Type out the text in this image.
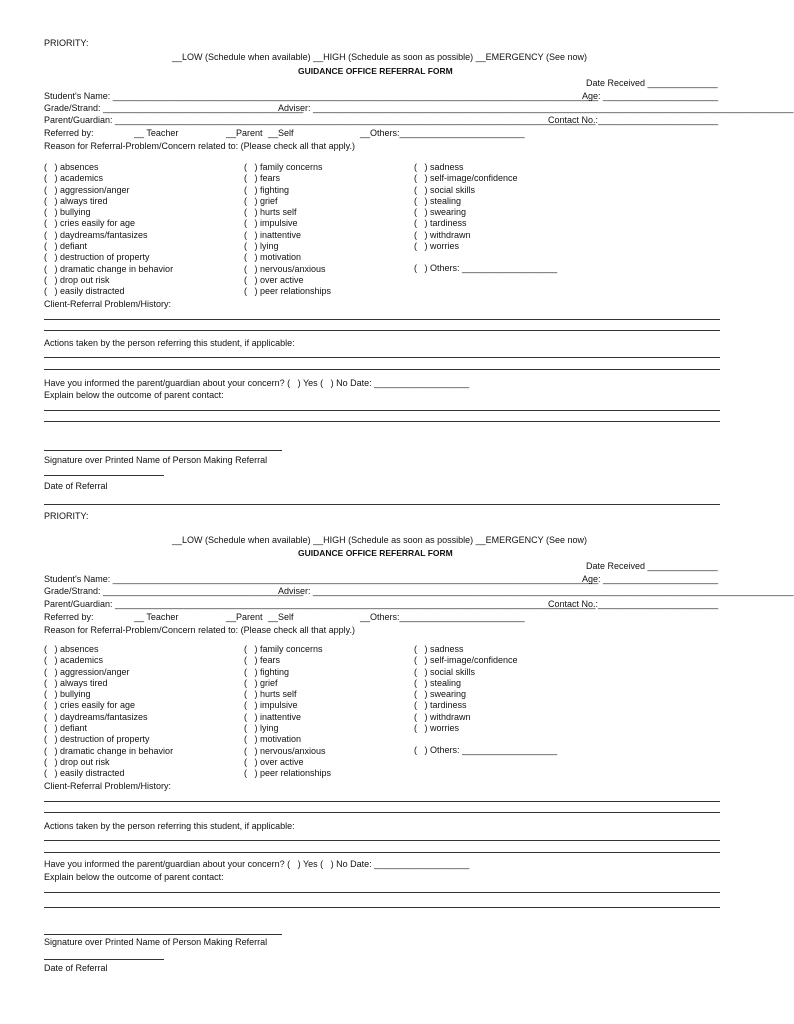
PRIORITY:
__LOW (Schedule when available) __HIGH (Schedule as soon as possible) __EMERGENCY (See now)
GUIDANCE OFFICE REFERRAL FORM
Date Received ______________
Student's Name: _________________________________________________________________________________________________
Age: _______________________
Grade/Strand: ________________________________________
Adviser: ________________________________________________________________________________________________
Parent/Guardian: ________________________________________________________________________________________________
Contact No.:________________________
Referred by:	__ Teacher	__Parent __Self	__Others:_________________________
Reason for Referral-Problem/Concern related to: (Please check all that apply.)
(   ) absences
(   ) academics
(   ) aggression/anger
(   ) always tired
(   ) bullying
(   ) cries easily for age
(   ) daydreams/fantasizes
(   ) defiant
(   ) destruction of property
(   ) dramatic change in behavior
(   ) drop out risk
(   ) easily distracted
(   ) family concerns
(   ) fears
(   ) fighting
(   ) grief
(   ) hurts self
(   ) impulsive
(   ) inattentive
(   ) lying
(   ) motivation
(   ) nervous/anxious
(   ) over active
(   ) peer relationships
(   ) sadness
(   ) self-image/confidence
(   ) social skills
(   ) stealing
(   ) swearing
(   ) tardiness
(   ) withdrawn
(   ) worries
(   ) Others: ___________________
Client-Referral Problem/History:
Actions taken by the person referring this student, if applicable:
Have you informed the parent/guardian about your concern? (   ) Yes (   ) No Date: ___________________
Explain below the outcome of parent contact:
Signature over Printed Name of Person Making Referral
Date of Referral
PRIORITY:
__LOW (Schedule when available) __HIGH (Schedule as soon as possible) __EMERGENCY (See now)
GUIDANCE OFFICE REFERRAL FORM
Date Received ______________
Student's Name: _________________________________________________________________________________________________
Age: _______________________
Grade/Strand: ________________________________________
Adviser: ________________________________________________________________________________________________
Parent/Guardian: ________________________________________________________________________________________________
Contact No.:________________________
Referred by:	__ Teacher	__Parent __Self	__Others:_________________________
Reason for Referral-Problem/Concern related to: (Please check all that apply.)
(   ) absences
(   ) academics
(   ) aggression/anger
(   ) always tired
(   ) bullying
(   ) cries easily for age
(   ) daydreams/fantasizes
(   ) defiant
(   ) destruction of property
(   ) dramatic change in behavior
(   ) drop out risk
(   ) easily distracted
(   ) family concerns
(   ) fears
(   ) fighting
(   ) grief
(   ) hurts self
(   ) impulsive
(   ) inattentive
(   ) lying
(   ) motivation
(   ) nervous/anxious
(   ) over active
(   ) peer relationships
(   ) sadness
(   ) self-image/confidence
(   ) social skills
(   ) stealing
(   ) swearing
(   ) tardiness
(   ) withdrawn
(   ) worries
(   ) Others: ___________________
Client-Referral Problem/History:
Actions taken by the person referring this student, if applicable:
Have you informed the parent/guardian about your concern? (   ) Yes (   ) No Date: ___________________
Explain below the outcome of parent contact:
Signature over Printed Name of Person Making Referral
Date of Referral
